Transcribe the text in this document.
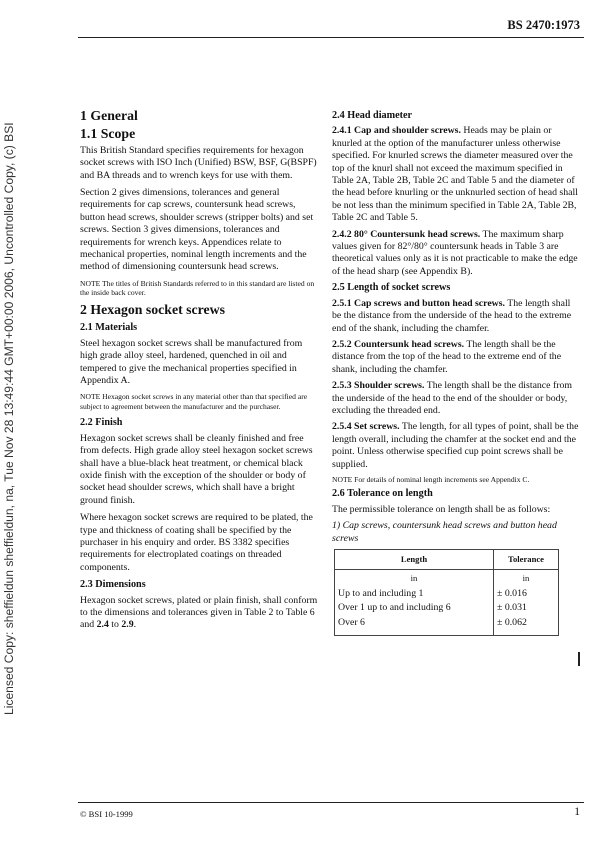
BS 2470:1973
Licensed Copy: sheffieldun sheffieldun, na, Tue Nov 28 13:49:44 GMT+00:00 2006, Uncontrolled Copy, (c) BSI
1 General
1.1 Scope

This British Standard specifies requirements for hexagon socket screws with ISO Inch (Unified) BSW, BSF, G(BSPF) and BA threads and to wrench keys for use with them.

Section 2 gives dimensions, tolerances and general requirements for cap screws, countersunk head screws, button head screws, shoulder screws (stripper bolts) and set screws. Section 3 gives dimensions, tolerances and requirements for wrench keys. Appendices relate to mechanical properties, nominal length increments and the method of dimensioning countersunk head screws.

NOTE The titles of British Standards referred to in this standard are listed on the inside back cover.

2 Hexagon socket screws
2.1 Materials

Steel hexagon socket screws shall be manufactured from high grade alloy steel, hardened, quenched in oil and tempered to give the mechanical properties specified in Appendix A.

NOTE Hexagon socket screws in any material other than that specified are subject to agreement between the manufacturer and the purchaser.

2.2 Finish

Hexagon socket screws shall be cleanly finished and free from defects. High grade alloy steel hexagon socket screws shall have a blue-black heat treatment, or chemical black oxide finish with the exception of the shoulder or body of socket head shoulder screws, which shall have a bright ground finish.

Where hexagon socket screws are required to be plated, the type and thickness of coating shall be specified by the purchaser in his enquiry and order. BS 3382 specifies requirements for electroplated coatings on threaded components.

2.3 Dimensions

Hexagon socket screws, plated or plain finish, shall conform to the dimensions and tolerances given in Table 2 to Table 6 and 2.4 to 2.9.

2.4 Head diameter

2.4.1 Cap and shoulder screws. Heads may be plain or knurled at the option of the manufacturer unless otherwise specified. For knurled screws the diameter measured over the top of the knurl shall not exceed the maximum specified in Table 2A, Table 2B, Table 2C and Table 5 and the diameter of the head before knurling or the unknurled section of head shall be not less than the minimum specified in Table 2A, Table 2B, Table 2C and Table 5.

2.4.2 80° Countersunk head screws. The maximum sharp values given for 82°/80° countersunk heads in Table 3 are theoretical values only as it is not practicable to make the edge of the head sharp (see Appendix B).

2.5 Length of socket screws

2.5.1 Cap screws and button head screws. The length shall be the distance from the underside of the head to the extreme end of the shank, including the chamfer.

2.5.2 Countersunk head screws. The length shall be the distance from the top of the head to the extreme end of the shank, including the chamfer.

2.5.3 Shoulder screws. The length shall be the distance from the underside of the head to the end of the shoulder or body, excluding the threaded end.

2.5.4 Set screws. The length, for all types of point, shall be the length overall, including the chamfer at the socket end and the point. Unless otherwise specified cup point screws shall be supplied.

NOTE For details of nominal length increments see Appendix C.

2.6 Tolerance on length

The permissible tolerance on length shall be as follows:

1) Cap screws, countersunk head screws and button head screws

Length	Tolerance
in	in
Up to and including 1	± 0.016
Over 1 up to and including 6	± 0.031
Over 6	± 0.062
© BSI 10-1999	1
